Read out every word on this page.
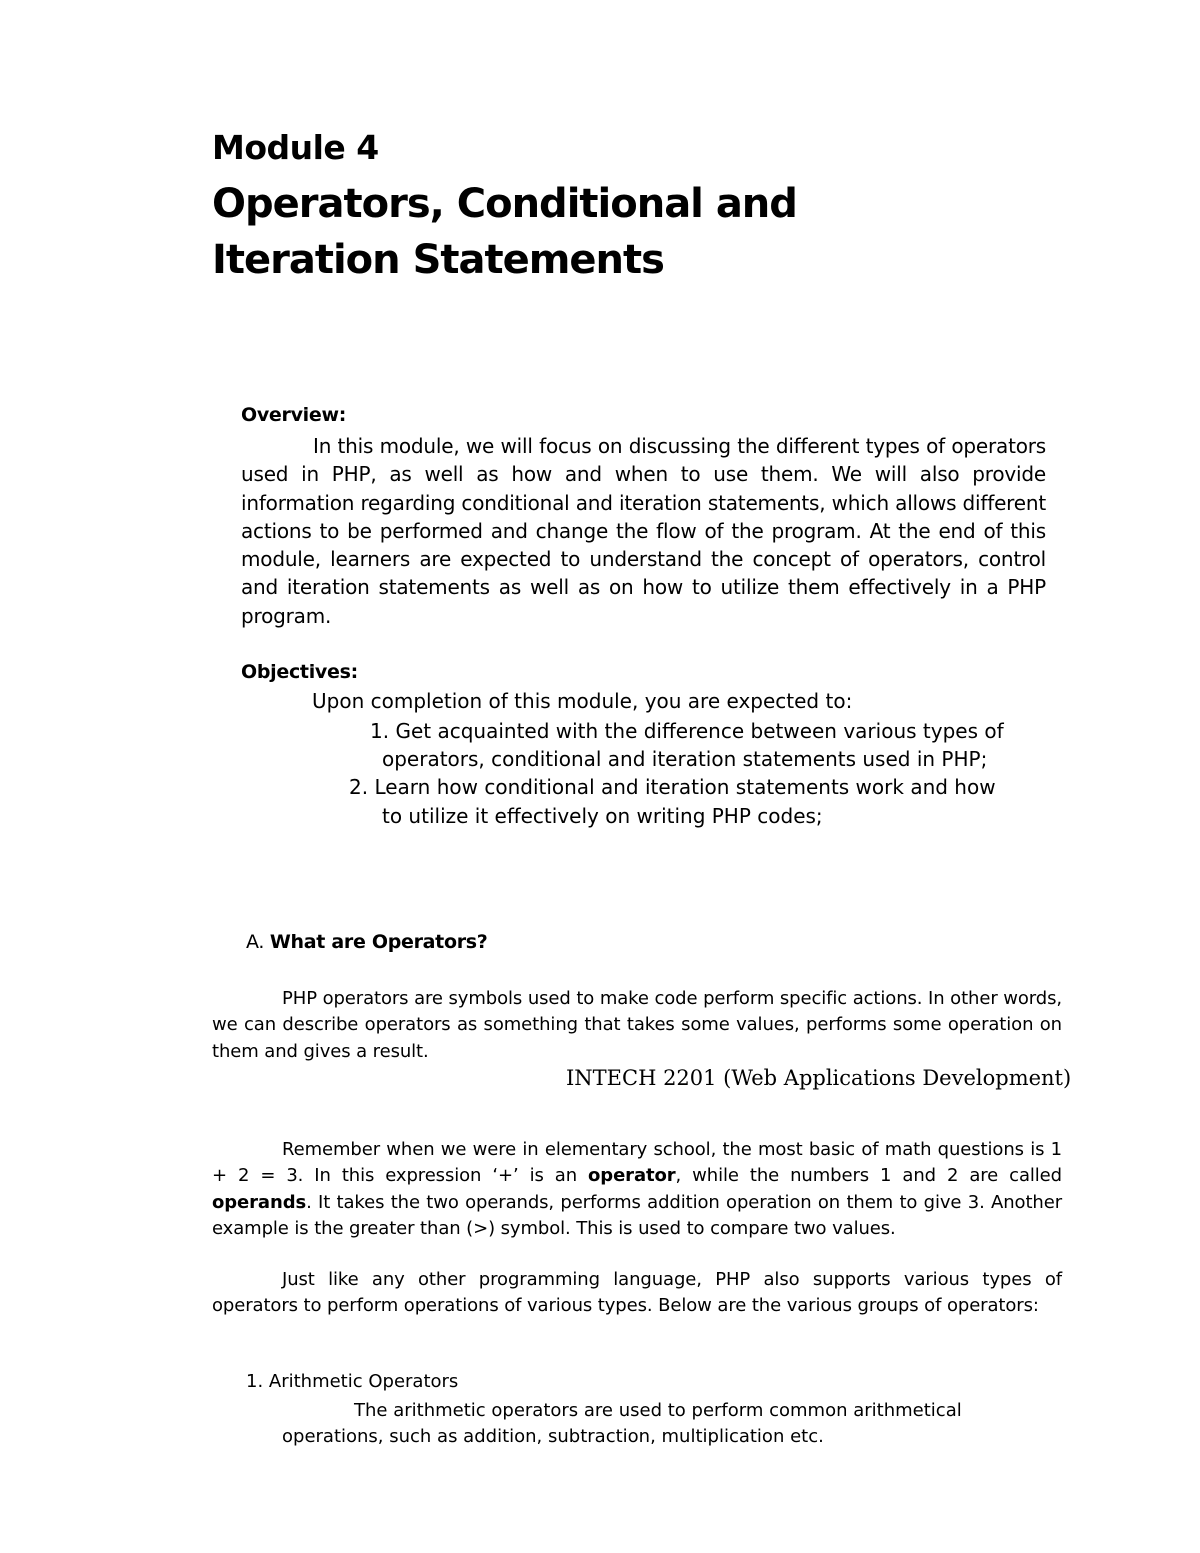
Module 4
Operators, Conditional and
Iteration Statements
Overview:
In this module, we will focus on discussing the different types of operators used in PHP, as well as how and when to use them. We will also provide information regarding conditional and iteration statements, which allows different actions to be performed and change the flow of the program. At the end of this module, learners are expected to understand the concept of operators, control and iteration statements as well as on how to utilize them effectively in a PHP program.
Objectives:
Upon completion of this module, you are expected to:
1. Get acquainted with the difference between various types of
operators, conditional and iteration statements used in PHP;
2. Learn how conditional and iteration statements work and how
to utilize it effectively on writing PHP codes;
A. What are Operators?
PHP operators are symbols used to make code perform specific actions. In other words, we can describe operators as something that takes some values, performs some operation on them and gives a result.
INTECH 2201 (Web Applications Development)
Remember when we were in elementary school, the most basic of math questions is 1 + 2 = 3. In this expression ‘+’ is an operator, while the numbers 1 and 2 are called operands. It takes the two operands, performs addition operation on them to give 3. Another example is the greater than (>) symbol. This is used to compare two values.
Just like any other programming language, PHP also supports various types of operators to perform operations of various types. Below are the various groups of operators:
1. Arithmetic Operators
The arithmetic operators are used to perform common arithmetical operations, such as addition, subtraction, multiplication etc.
